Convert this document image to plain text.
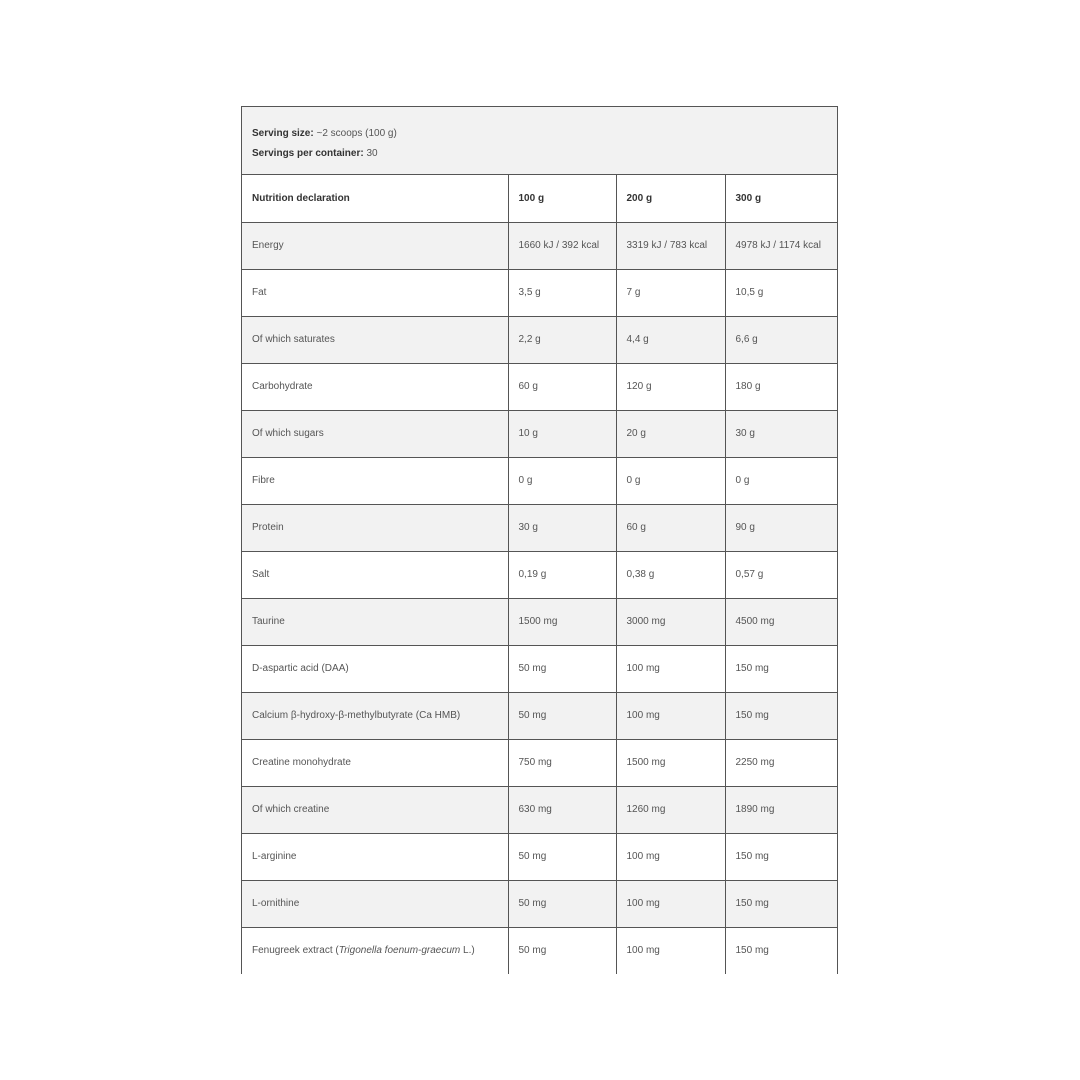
Serving size: ~2 scoops (100 g)
Servings per container: 30
Nutrition declaration	100 g	200 g	300 g
Energy	1660 kJ / 392 kcal	3319 kJ / 783 kcal	4978 kJ / 1174 kcal
Fat	3,5 g	7 g	10,5 g
Of which saturates	2,2 g	4,4 g	6,6 g
Carbohydrate	60 g	120 g	180 g
Of which sugars	10 g	20 g	30 g
Fibre	0 g	0 g	0 g
Protein	30 g	60 g	90 g
Salt	0,19 g	0,38 g	0,57 g
Taurine	1500 mg	3000 mg	4500 mg
D-aspartic acid (DAA)	50 mg	100 mg	150 mg
Calcium β-hydroxy-β-methylbutyrate (Ca HMB)	50 mg	100 mg	150 mg
Creatine monohydrate	750 mg	1500 mg	2250 mg
Of which creatine	630 mg	1260 mg	1890 mg
L-arginine	50 mg	100 mg	150 mg
L-ornithine	50 mg	100 mg	150 mg
Fenugreek extract (Trigonella foenum-graecum L.)	50 mg	100 mg	150 mg
